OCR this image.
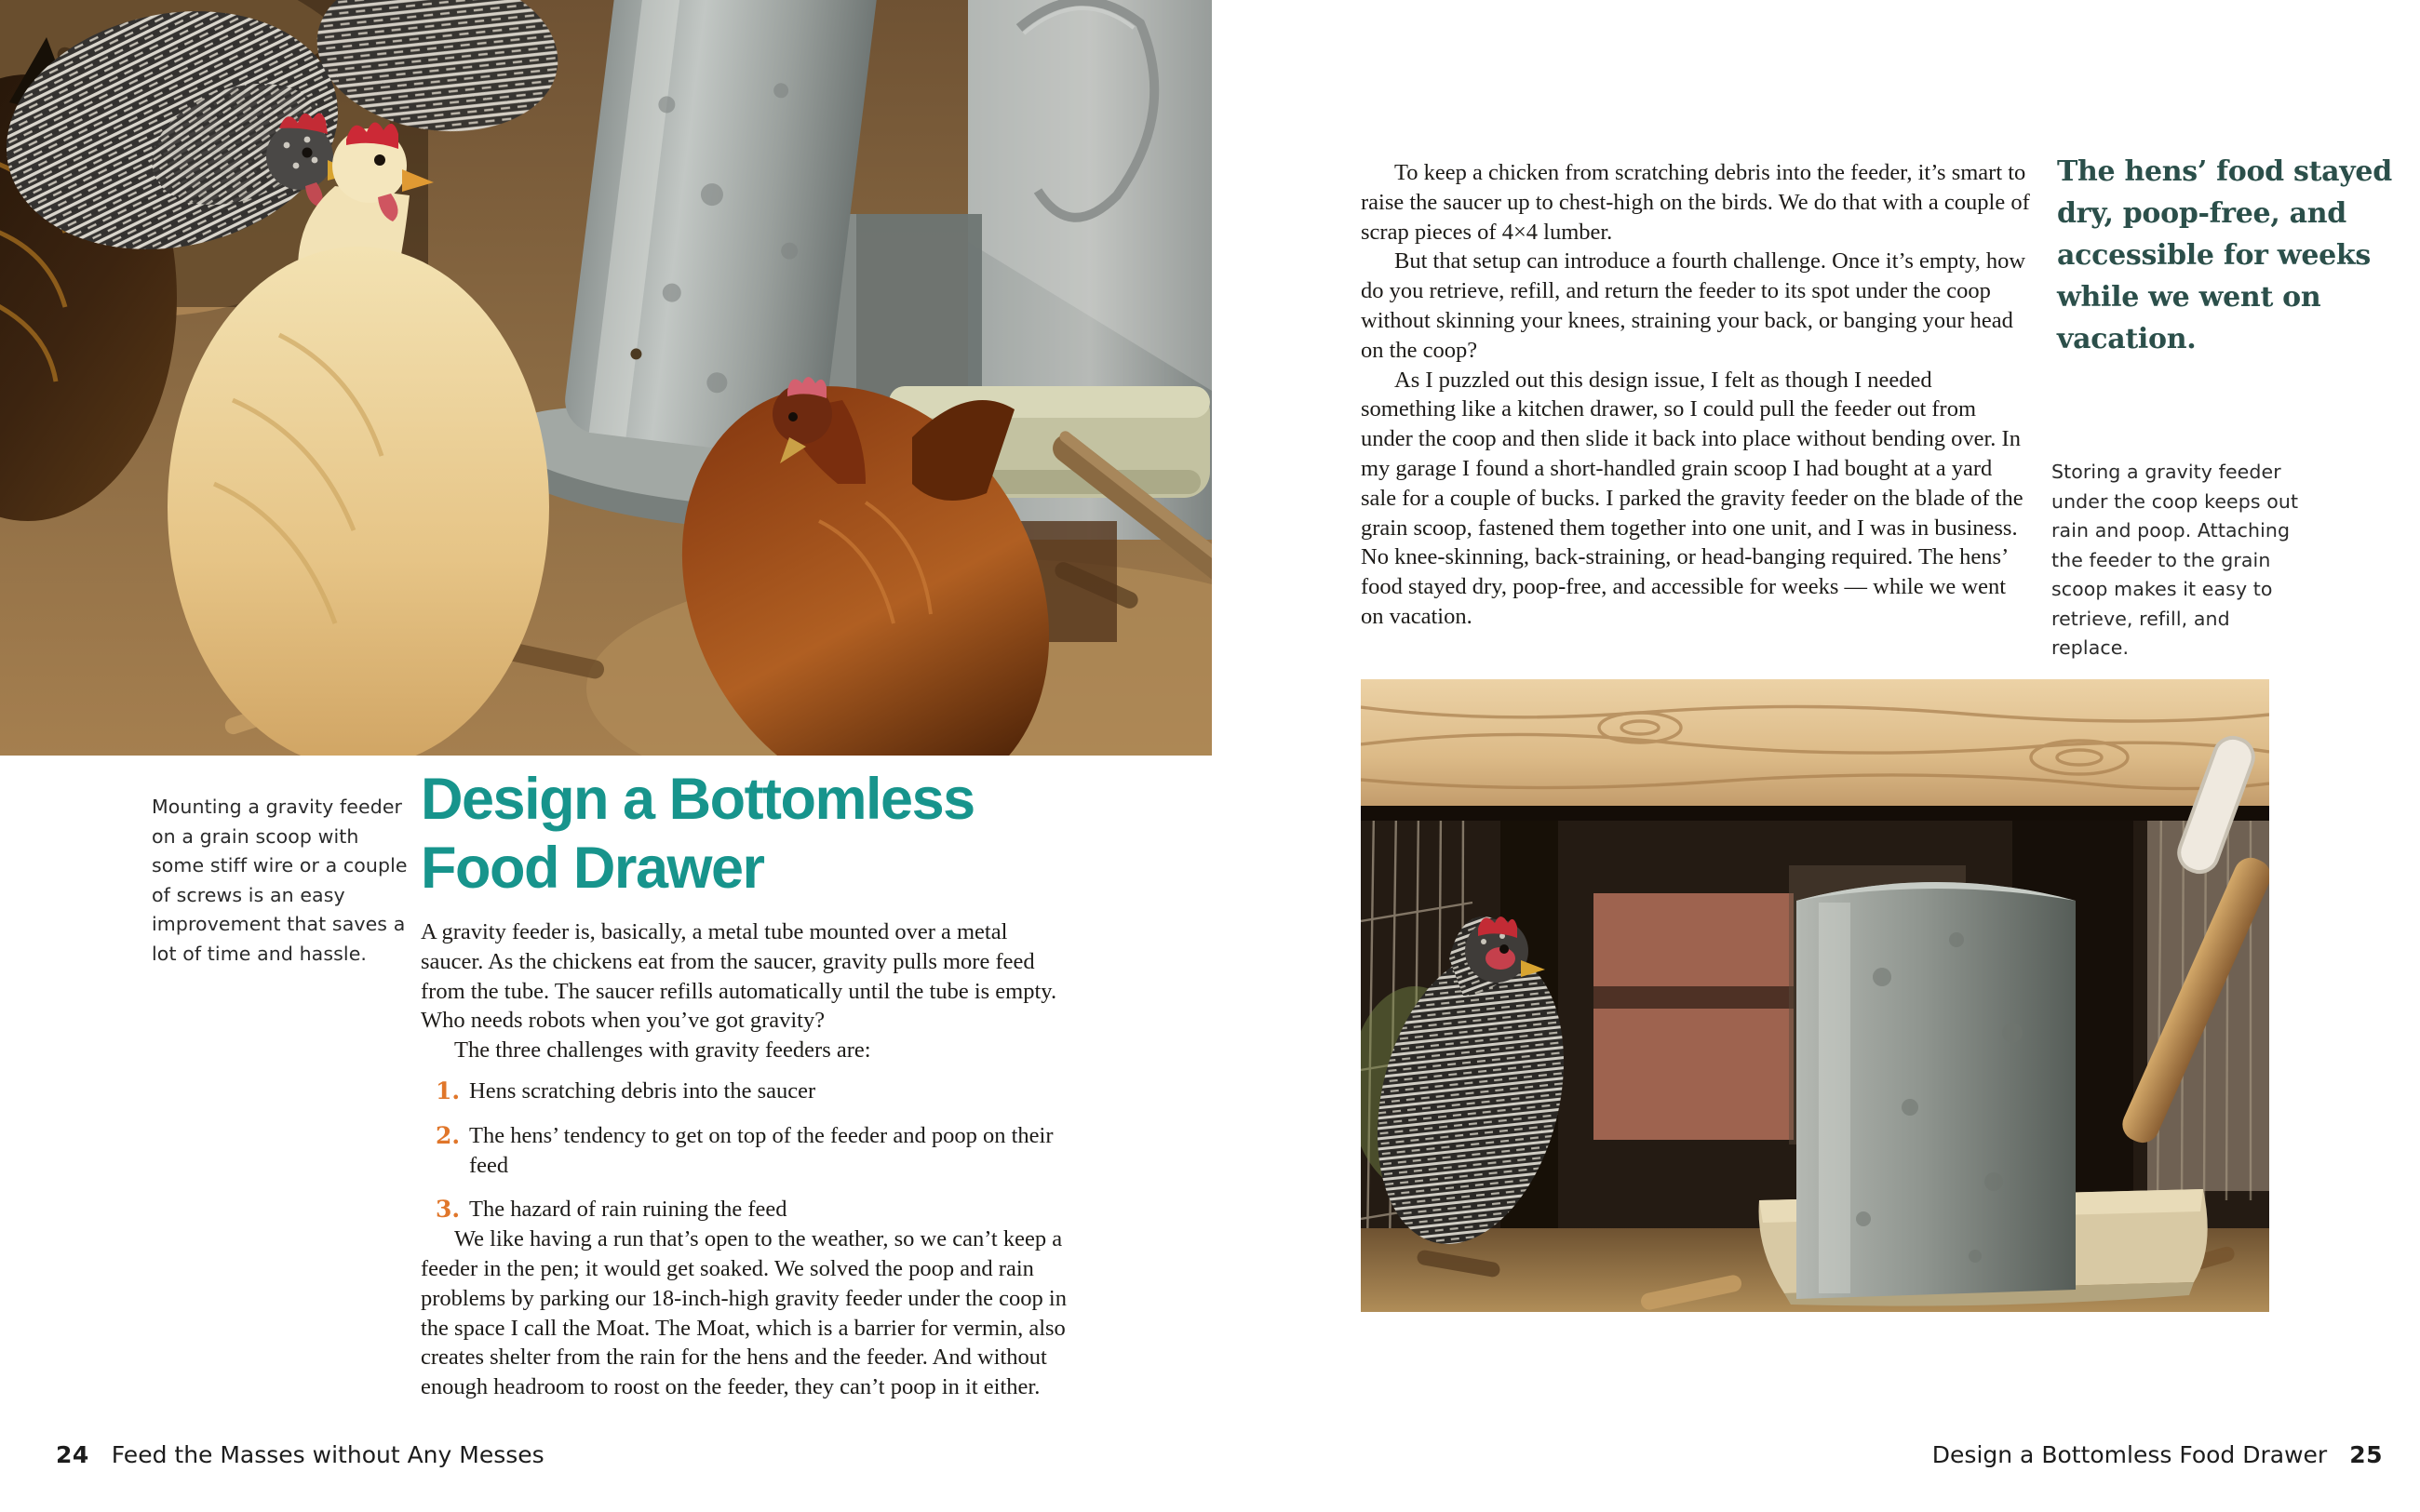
Mounting a gravity feeder on a grain scoop with some stiff wire or a couple of screws is an easy improvement that saves a lot of time and hassle.
Design a Bottomless
Food Drawer

A gravity feeder is, basically, a metal tube mounted over a metal saucer. As the chickens eat from the saucer, gravity pulls more feed from the tube. The saucer refills automatically until the tube is empty. Who needs robots when you’ve got gravity?

The three challenges with gravity feeders are:

1. Hens scratching debris into the saucer
2. The hens’ tendency to get on top of the feeder and poop on their feed
3. The hazard of rain ruining the feed

We like having a run that’s open to the weather, so we can’t keep a feeder in the pen; it would get soaked. We solved the poop and rain problems by parking our 18-inch-high gravity feeder under the coop in the space I call the Moat. The Moat, which is a barrier for vermin, also creates shelter from the rain for the hens and the feeder. And without enough headroom to roost on the feeder, they can’t poop in it either.

24 Feed the Masses without Any Messes

To keep a chicken from scratching debris into the feeder, it’s smart to raise the saucer up to chest-high on the birds. We do that with a couple of scrap pieces of 4×4 lumber.

But that setup can introduce a fourth challenge. Once it’s empty, how do you retrieve, refill, and return the feeder to its spot under the coop without skinning your knees, straining your back, or banging your head on the coop?

As I puzzled out this design issue, I felt as though I needed something like a kitchen drawer, so I could pull the feeder out from under the coop and then slide it back into place without bending over. In my garage I found a short-handled grain scoop I had bought at a yard sale for a couple of bucks. I parked the gravity feeder on the blade of the grain scoop, fastened them together into one unit, and I was in business. No knee-skinning, back-straining, or head-banging required. The hens’ food stayed dry, poop-free, and accessible for weeks — while we went on vacation.

The hens’ food stayed dry, poop-free, and accessible for weeks while we went on vacation.
Storing a gravity feeder under the coop keeps out rain and poop. Attaching the feeder to the grain scoop makes it easy to retrieve, refill, and replace.
Design a Bottomless Food Drawer 25
